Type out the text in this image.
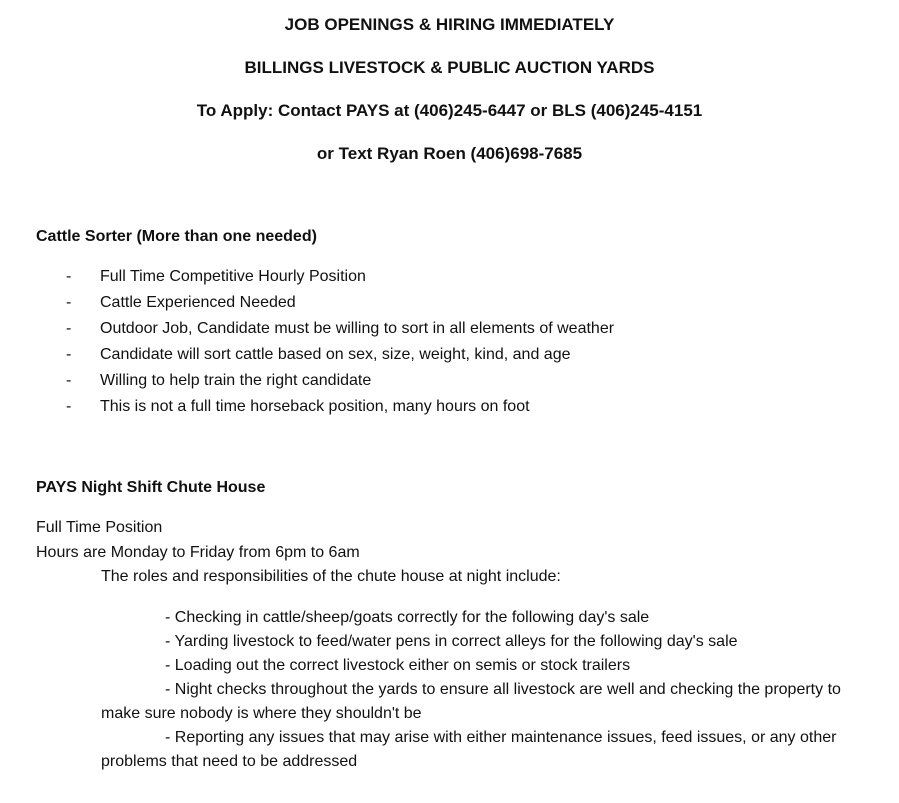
JOB OPENINGS & HIRING IMMEDIATELY
BILLINGS LIVESTOCK & PUBLIC AUCTION YARDS
To Apply: Contact PAYS at (406)245-6447 or BLS (406)245-4151
or Text Ryan Roen (406)698-7685
Cattle Sorter (More than one needed)
-	Full Time Competitive Hourly Position
-	Cattle Experienced Needed
-	Outdoor Job, Candidate must be willing to sort in all elements of weather
-	Candidate will sort cattle based on sex, size, weight, kind, and age
-	Willing to help train the right candidate
-	This is not a full time horseback position, many hours on foot
PAYS Night Shift Chute House
Full Time Position
Hours are Monday to Friday from 6pm to 6am
The roles and responsibilities of the chute house at night include:
- Checking in cattle/sheep/goats correctly for the following day's sale
- Yarding livestock to feed/water pens in correct alleys for the following day's sale
- Loading out the correct livestock either on semis or stock trailers
- Night checks throughout the yards to ensure all livestock are well and checking the property to make sure nobody is where they shouldn't be
- Reporting any issues that may arise with either maintenance issues, feed issues, or any other problems that need to be addressed
